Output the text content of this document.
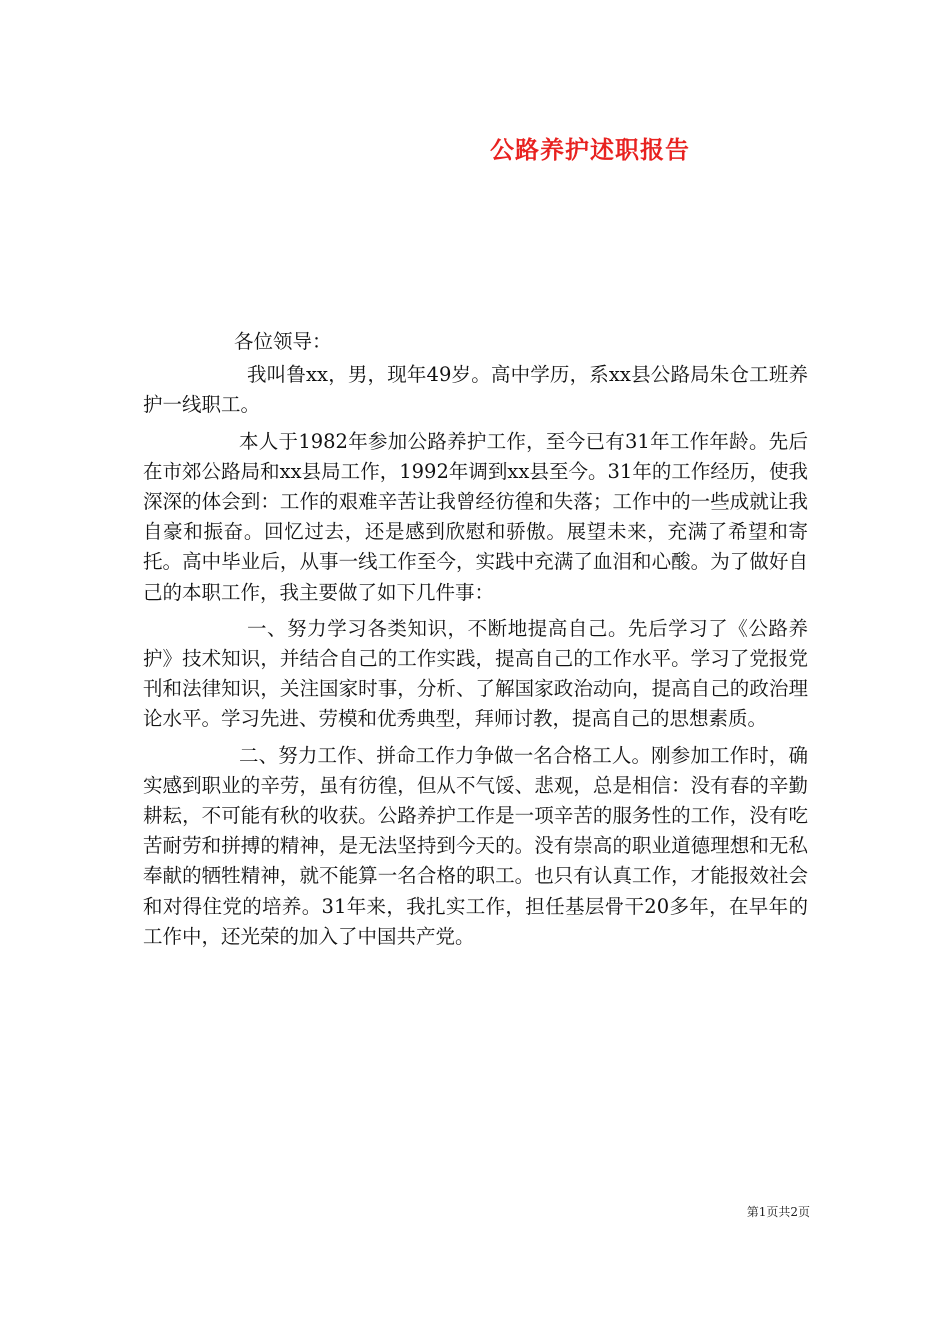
公路养护述职报告

各位领导：

我叫鲁xx，男，现年49岁。高中学历，系xx县公路局朱仓工班养护一线职工。

本人于1982年参加公路养护工作，至今已有31年工作年龄。先后在市郊公路局和xx县局工作，1992年调到xx县至今。31年的工作经历，使我深深的体会到：工作的艰难辛苦让我曾经彷徨和失落；工作中的一些成就让我自豪和振奋。回忆过去，还是感到欣慰和骄傲。展望未来，充满了希望和寄托。高中毕业后，从事一线工作至今，实践中充满了血泪和心酸。为了做好自己的本职工作，我主要做了如下几件事：

一、努力学习各类知识，不断地提高自己。先后学习了《公路养护》技术知识，并结合自己的工作实践，提高自己的工作水平。学习了党报党刊和法律知识，关注国家时事，分析、了解国家政治动向，提高自己的政治理论水平。学习先进、劳模和优秀典型，拜师讨教，提高自己的思想素质。

二、努力工作、拼命工作力争做一名合格工人。刚参加工作时，确实感到职业的辛劳，虽有彷徨，但从不气馁、悲观，总是相信：没有春的辛勤耕耘，不可能有秋的收获。公路养护工作是一项辛苦的服务性的工作，没有吃苦耐劳和拼搏的精神，是无法坚持到今天的。没有崇高的职业道德理想和无私奉献的牺牲精神，就不能算一名合格的职工。也只有认真工作，才能报效社会和对得住党的培养。31年来，我扎实工作，担任基层骨干20多年，在早年的工作中，还光荣的加入了中国共产党。

第1页共2页
